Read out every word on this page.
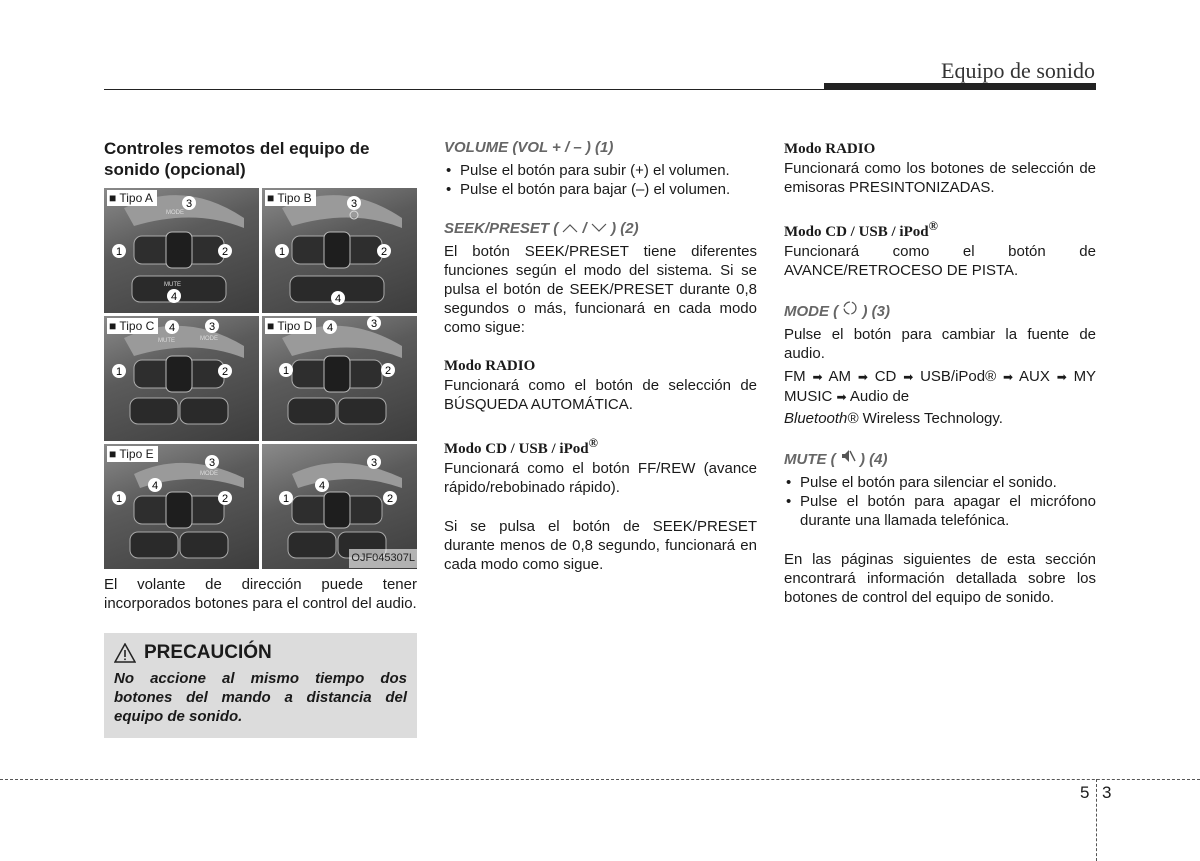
Equipo de sonido
Controles remotos del equipo de sonido (opcional)
MODE
MUTE
3
1	2
4
■ Tipo A	3
1	2
4
■ Tipo B
MODE
MUTE
4	3
1	2
■ Tipo C	4	3
1	2
■ Tipo D
MODE
3
4
1	2
■ Tipo E
3
4
1	2
OJF045307L

El volante de dirección puede tener incorporados botones para el control del audio.

PRECAUCIÓN

No accione al mismo tiempo dos botones del mando a distancia del equipo de sonido.

VOLUME (VOL + / – ) (1)

• Pulse el botón para subir (+) el volumen.
• Pulse el botón para bajar (–) el volumen.

SEEK/PRESET ( / ) (2)

El botón SEEK/PRESET tiene diferentes funciones según el modo del sistema. Si se pulsa el botón de SEEK/PRESET durante 0,8 segundos o más, funcionará en cada modo como sigue:

Modo RADIO

Funcionará como el botón de selección de BÚSQUEDA AUTOMÁTICA.

Modo CD / USB / iPod®

Funcionará como el botón FF/REW (avance rápido/rebobinado rápido).

Si se pulsa el botón de SEEK/PRESET durante menos de 0,8 segundo, funcionará en cada modo como sigue.

Modo RADIO

Funcionará como los botones de selección de emisoras PRESINTONIZADAS.

Modo CD / USB / iPod®

Funcionará como el botón de AVANCE/RETROCESO DE PISTA.

MODE ( ) (3)

Pulse el botón para cambiar la fuente de audio.

FM ➡ AM ➡ CD ➡ USB/iPod® ➡ AUX ➡ MY MUSIC ➡ Audio de

Bluetooth® Wireless Technology.

MUTE ( ) (4)

• Pulse el botón para silenciar el sonido.
• Pulse el botón para apagar el micrófono durante una llamada telefónica.

En las páginas siguientes de esta sección encontrará información detallada sobre los botones de control del equipo de sonido.

5 3
